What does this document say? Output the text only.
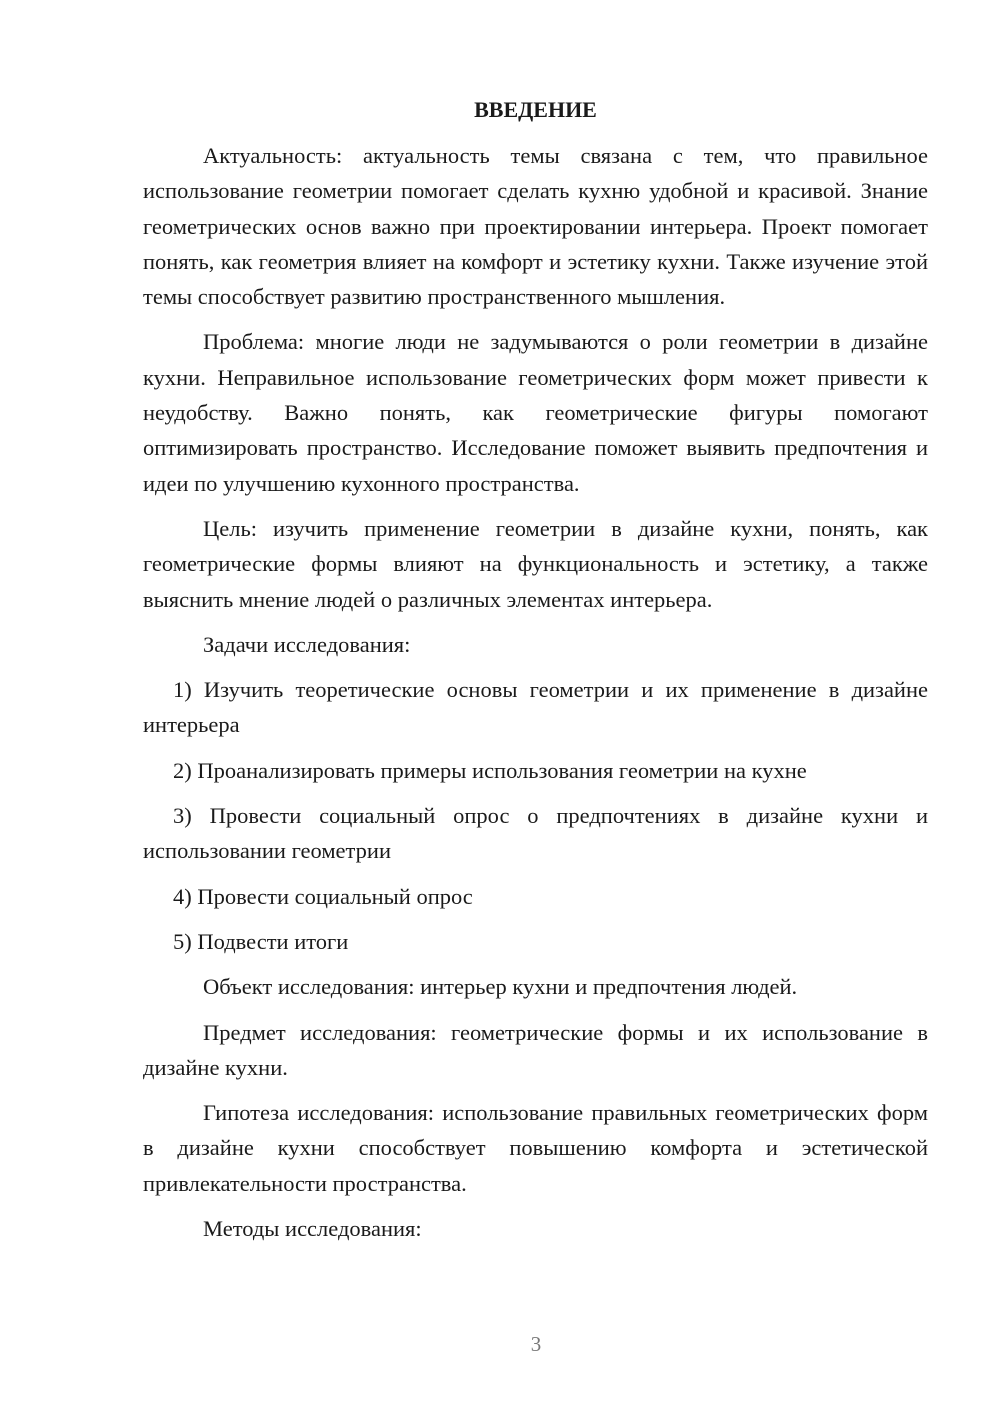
ВВЕДЕНИЕ

Актуальность: актуальность темы связана с тем, что правильное использование геометрии помогает сделать кухню удобной и красивой. Знание геометрических основ важно при проектировании интерьера. Проект помогает понять, как геометрия влияет на комфорт и эстетику кухни. Также изучение этой темы способствует развитию пространственного мышления.

Проблема: многие люди не задумываются о роли геометрии в дизайне кухни. Неправильное использование геометрических форм может привести к неудобству. Важно понять, как геометрические фигуры помогают оптимизировать пространство. Исследование поможет выявить предпочтения и идеи по улучшению кухонного пространства.

Цель: изучить применение геометрии в дизайне кухни, понять, как геометрические формы влияют на функциональность и эстетику, а также выяснить мнение людей о различных элементах интерьера.

Задачи исследования:

1) Изучить теоретические основы геометрии и их применение в дизайне интерьера

2) Проанализировать примеры использования геометрии на кухне

3) Провести социальный опрос о предпочтениях в дизайне кухни и использовании геометрии

4) Провести социальный опрос

5) Подвести итоги

Объект исследования: интерьер кухни и предпочтения людей.

Предмет исследования: геометрические формы и их использование в дизайне кухни.

Гипотеза исследования: использование правильных геометрических форм в дизайне кухни способствует повышению комфорта и эстетической привлекательности пространства.

Методы исследования:

3
